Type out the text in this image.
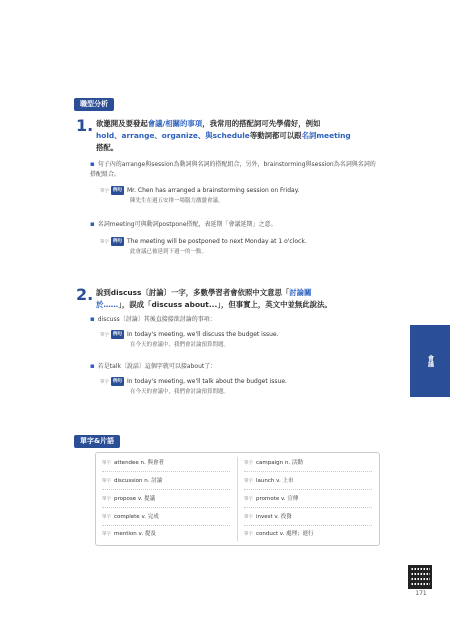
職型分析
1. 欲邀開及要發起會議/相關的事項，我常用的搭配詞可先學備好，例如
hold、arrange、organize、與schedule等動詞都可以跟名詞meeting
搭配。
▪ 句子內的arrange與session為動詞與名詞的搭配組合，另外，brainstorming與session為名詞與名詞的搭配組合。
單字 例句 Mr. Chen has arranged a brainstorming session on Friday.
陳先生在週五安排一場腦力激盪會議。
▪ 名詞meeting可與動詞postpone搭配，表延期「會議延期」之意。
單字 例句 The meeting will be postponed to next Monday at 1 o'clock.
此會議已被延到下週一的一點。
2. 說到discuss〔討論〕一字，多數學習者會依照中文意思「討論關
於……」，誤成「discuss about...」，但事實上，英文中並無此說法。
▪ discuss〔討論〕其後直接接欲討論的事項：
單字 例句 In today's meeting, we'll discuss the budget issue.
在今天的會議中，我們會討論預算問題。
▪ 若是talk〔說話〕這個字就可以接about了：
單字 例句 In today's meeting, we'll talk about the budget issue.
在今天的會議中，我們會討論預算問題。
會議
單字&片語
單字 attendee n. 與會者
單字 discussion n. 討論
單字 propose v. 提議
單字 complete v. 完成
單字 mention v. 提及
單字 campaign n. 活動
單字 launch v. 上市
單字 promote v. 宣傳
單字 invest v. 投資
單字 conduct v. 處理；進行
171
